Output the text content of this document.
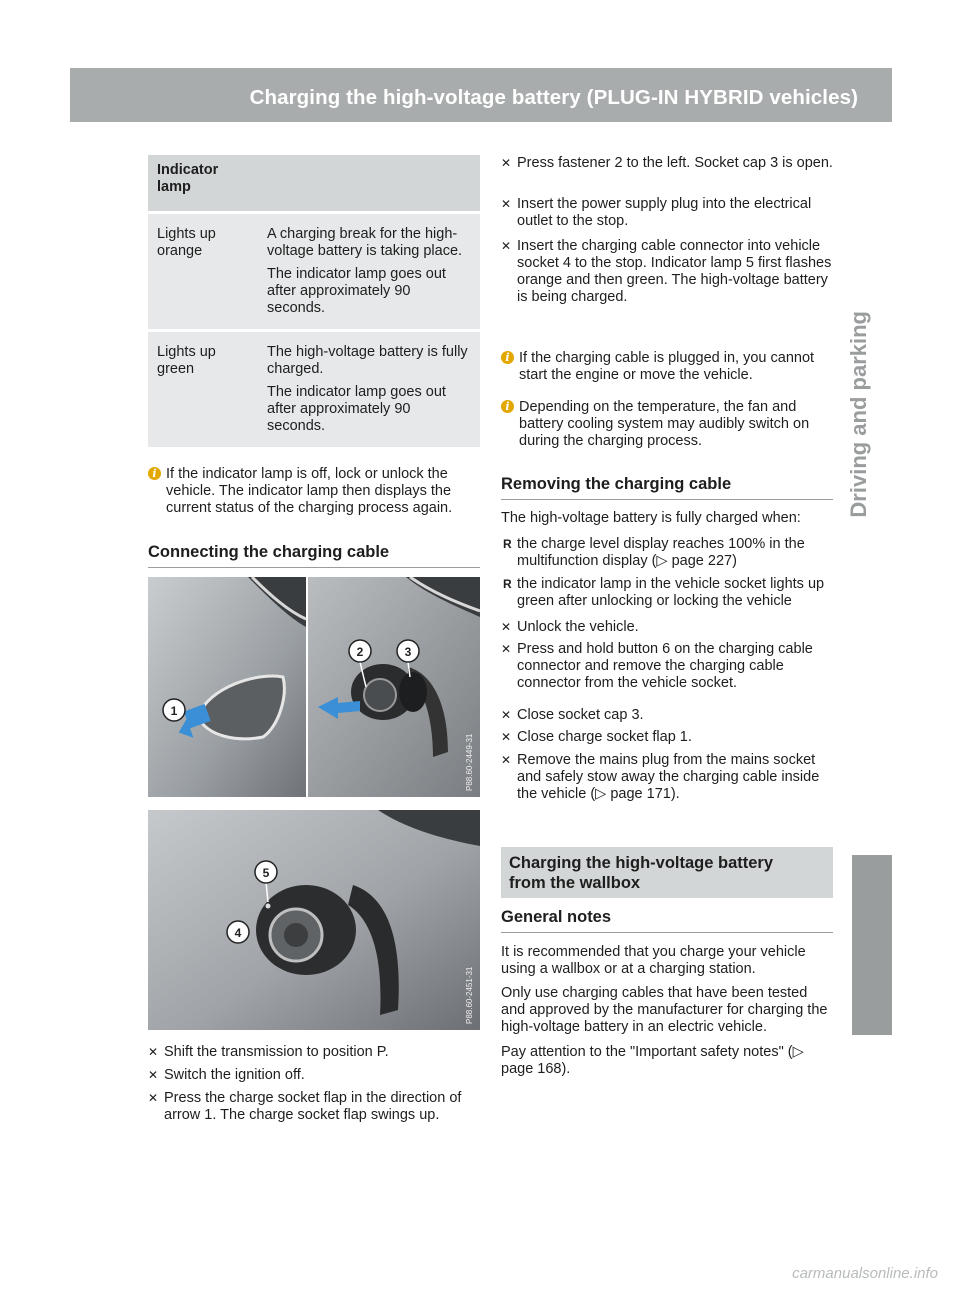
Charging the high-voltage battery (PLUG-IN HYBRID vehicles)	173
Driving and parking
Indicator lamp	
Lights up orange	A charging break for the high-voltage battery is taking place.

The indicator lamp goes out after approximately 90 seconds.

Lights up green	The high-voltage battery is fully charged.

The indicator lamp goes out after approximately 90 seconds.

i If the indicator lamp is off, lock or unlock the vehicle. The indicator lamp then displays the current status of the charging process again.
Connecting the charging cable
1
2	3
P88.60-2449-31
4
5
P88.60-2451-31
✕ Shift the transmission to position P.
✕ Switch the ignition off.
✕ Press the charge socket flap in the direction of arrow 1. The charge socket flap swings up.
✕ Press fastener 2 to the left. Socket cap 3 is open.
✕ Insert the power supply plug into the electrical outlet to the stop.
✕ Insert the charging cable connector into vehicle socket 4 to the stop. Indicator lamp 5 first flashes orange and then green. The high-voltage battery is being charged.
i If the charging cable is plugged in, you cannot start the engine or move the vehicle.
i Depending on the temperature, the fan and battery cooling system may audibly switch on during the charging process.
Removing the charging cable
The high-voltage battery is fully charged when:
R the charge level display reaches 100% in the multifunction display (▷ page 227)
R the indicator lamp in the vehicle socket lights up green after unlocking or locking the vehicle
✕ Unlock the vehicle.
✕ Press and hold button 6 on the charging cable connector and remove the charging cable connector from the vehicle socket.
✕ Close socket cap 3.
✕ Close charge socket flap 1.
✕ Remove the mains plug from the mains socket and safely stow away the charging cable inside the vehicle (▷ page 171).
Charging the high-voltage battery from the wallbox
General notes
It is recommended that you charge your vehicle using a wallbox or at a charging station.
Only use charging cables that have been tested and approved by the manufacturer for charging the high-voltage battery in an electric vehicle.
Pay attention to the "Important safety notes" (▷ page 168).
carmanualsonline.info
